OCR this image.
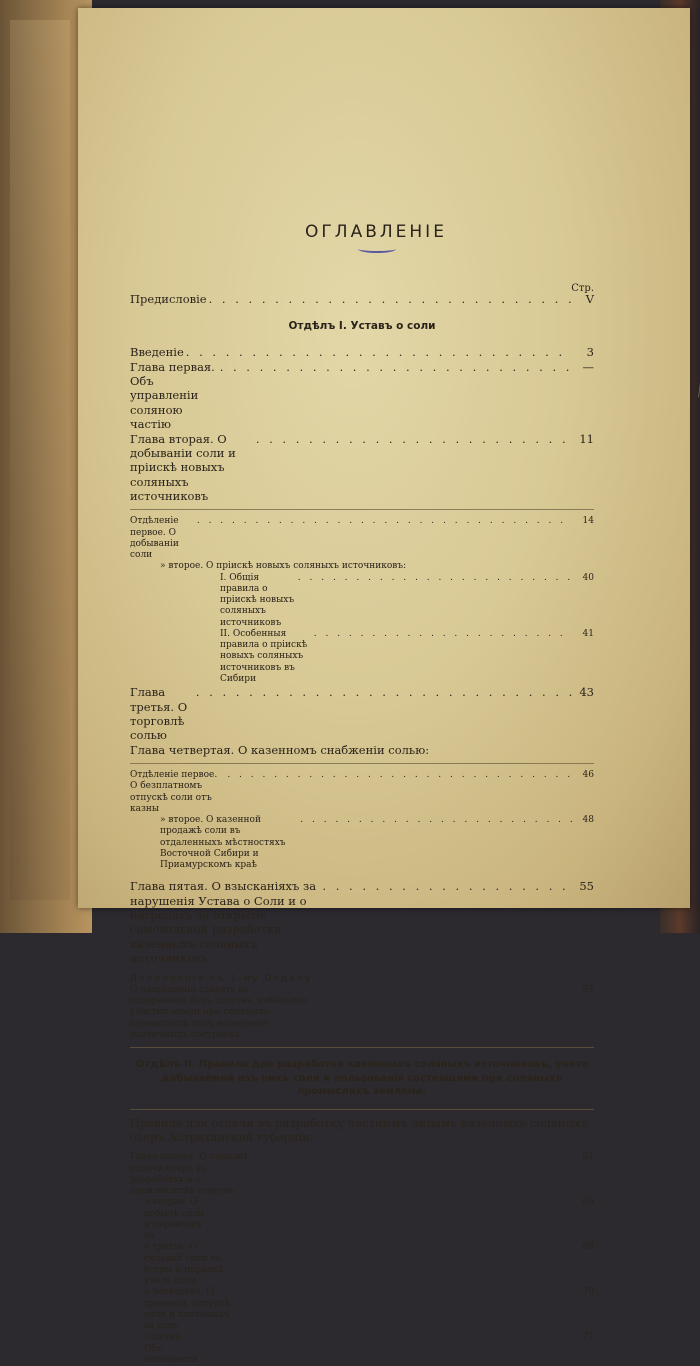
ОГЛАВЛЕНIЕ
Стр.
Предисловіе . . .	V
Отдѣлъ I. Уставъ о соли
Введеніе . . .	3
Глава первая. Объ управленіи соляною частію
. . .
—
Глава вторая. О добываніи соли и пріискѣ новыхъ соляныхъ источниковъ
. . .
11
Отдѣленіе первое. О добываніи соли
. . .
14
» второе. О пріискѣ новыхъ соляныхъ источниковъ:
I. Общія правила о пріискѣ новыхъ соляныхъ источниковъ
. . .
40
II. Особенныя правила о пріискѣ новыхъ соляныхъ источниковъ въ Сибири
. . .
41
Глава третья. О торговлѣ солью
. . .
43
Глава четвертая. О казенномъ снабженіи солью:
Отдѣленіе первое. О безплатномъ отпускѣ соли отъ казны
. . .
46
» второе. О казенной продажѣ соли въ отдаленныхъ мѣстностяхъ Восточной Сибири и Приамурскомъ краѣ
. . .
48
Глава пятая. О взысканіяхъ за нарушенія Устава о Соли и о наградахъ за открытіе самовольной разработки казенныхъ соляныхъ источниковъ
. . .
55
Дополненіе къ 1-му Отдѣлу:
О разрѣшеніи сдавать въ содержаніе, безъ торговъ, небольшіе участки земли при соляныхъ промыслахъ подъ возведеніе различныхъ построекъ
. . .
57
Отдѣлъ II. Правила для разработки казенныхъ соляныхъ источниковъ, учета добываемой изъ нихъ соли и пользованія состоящими при соляныхъ промыслахъ землями.
Правила для отдачи въ разработку частнымъ лицамъ казенныхъ соляныхъ озеръ Астраханской губерніи:
Глава первая. О порядкѣ отдачи озеръ въ разработку и о производствѣ торговъ
. . .
61
» вторая. О добычѣ соли и перевозкѣ ея
. . .
65
» третья. О складкѣ соли въ бугры и порядкѣ учета соли
. . .
68
» четвертая. О храненіи, отпускѣ соли и платежахъ за соль
. . .
70
» пятая. Объ отчетности
. . .
71
